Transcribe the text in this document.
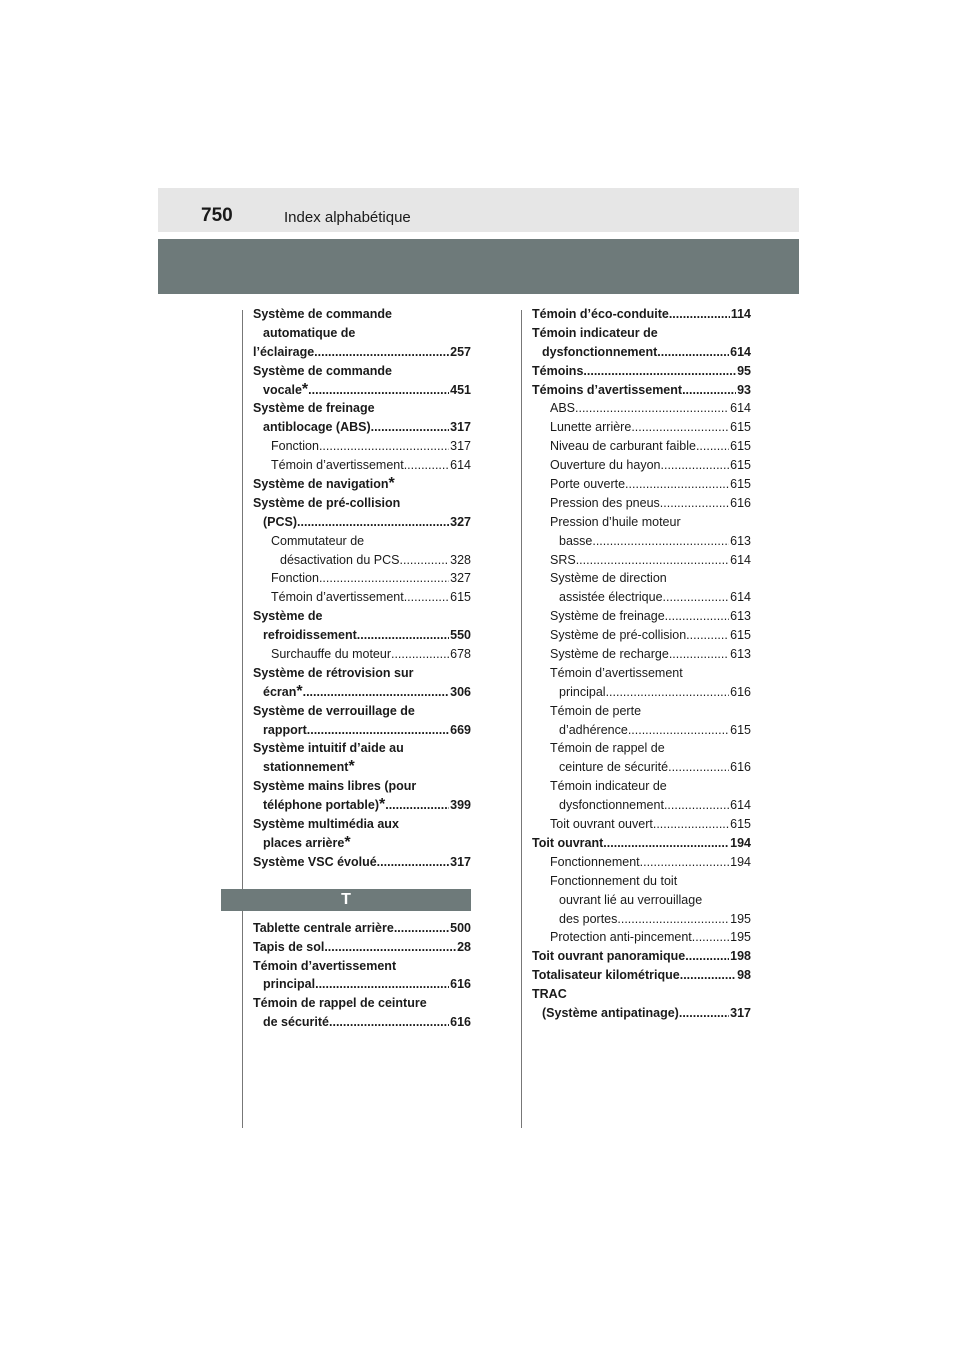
750	Index alphabétique
Système de commande
automatique de
l’éclairage .....	257
Système de commande
vocale * .....	451
Système de freinage
antiblocage (ABS) .....	317
Fonction .....	317
Témoin d’avertissement .....	614
Système de navigation *
Système de pré-collision
(PCS) .....	327
Commutateur de
désactivation du PCS .....	328
Fonction .....	327
Témoin d’avertissement .....	615
Système de
refroidissement .....	550
Surchauffe du moteur .....	678
Système de rétrovision sur
écran * .....	306
Système de verrouillage de
rapport .....	669
Système intuitif d’aide au
stationnement *
Système mains libres (pour
téléphone portable) * .....	399
Système multimédia aux
places arrière *
Système VSC évolué .....	317
T
Tablette centrale arrière .....	500
Tapis de sol .....	28
Témoin d’avertissement
principal .....	616
Témoin de rappel de ceinture
de sécurité .....	616
Témoin d’éco-conduite .....	114
Témoin indicateur de
dysfonctionnement .....	614
Témoins .....	95
Témoins d’avertissement .....	93
ABS .....	614
Lunette arrière .....	615
Niveau de carburant faible .....	615
Ouverture du hayon .....	615
Porte ouverte .....	615
Pression des pneus .....	616
Pression d’huile moteur
basse .....	613
SRS .....	614
Système de direction
assistée électrique .....	614
Système de freinage .....	613
Système de pré-collision .....	615
Système de recharge .....	613
Témoin d’avertissement
principal .....	616
Témoin de perte
d’adhérence .....	615
Témoin de rappel de
ceinture de sécurité .....	616
Témoin indicateur de
dysfonctionnement .....	614
Toit ouvrant ouvert .....	615
Toit ouvrant .....	194
Fonctionnement .....	194
Fonctionnement du toit
ouvrant lié au verrouillage
des portes .....	195
Protection anti-pincement .....	195
Toit ouvrant panoramique .....	198
Totalisateur kilométrique .....	98
TRAC
(Système antipatinage) .....	317
